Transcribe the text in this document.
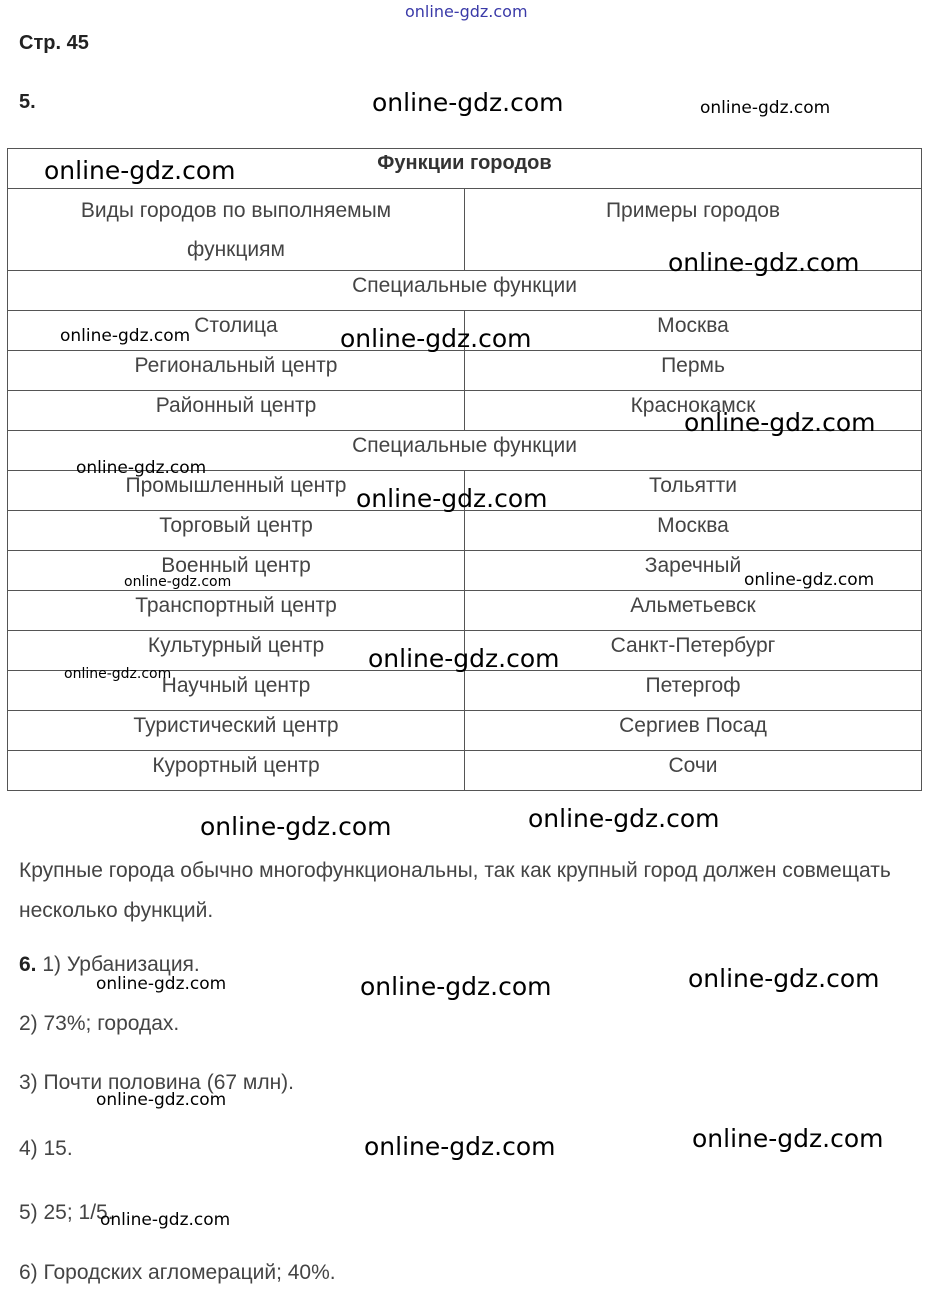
online-gdz.com
Стр. 45
5.
Функции городов	
Виды городов по выполняемым функциям	Примеры городов
Специальные функции	
Столица	Москва
Региональный центр	Пермь
Районный центр	Краснокамск
Специальные функции	
Промышленный центр	Тольятти
Торговый центр	Москва
Военный центр	Заречный
Транспортный центр	Альметьевск
Культурный центр	Санкт-Петербург
Научный центр	Петергоф
Туристический центр	Сергиев Посад
Курортный центр	Сочи
Крупные города обычно многофункциональны, так как крупный город должен совмещать несколько функций.
6. 1) Урбанизация.
2) 73%; городах.
3) Почти половина (67 млн).
4) 15.
5) 25; 1/5.
6) Городских агломераций; 40%.
online-gdz.com	online-gdz.com
online-gdz.com
online-gdz.com
online-gdz.com	online-gdz.com
online-gdz.com
online-gdz.com
online-gdz.com
online-gdz.com
online-gdz.com
online-gdz.com
online-gdz.com
online-gdz.com	online-gdz.com
online-gdz.com	online-gdz.com	online-gdz.com
online-gdz.com
online-gdz.com	online-gdz.com
online-gdz.com
